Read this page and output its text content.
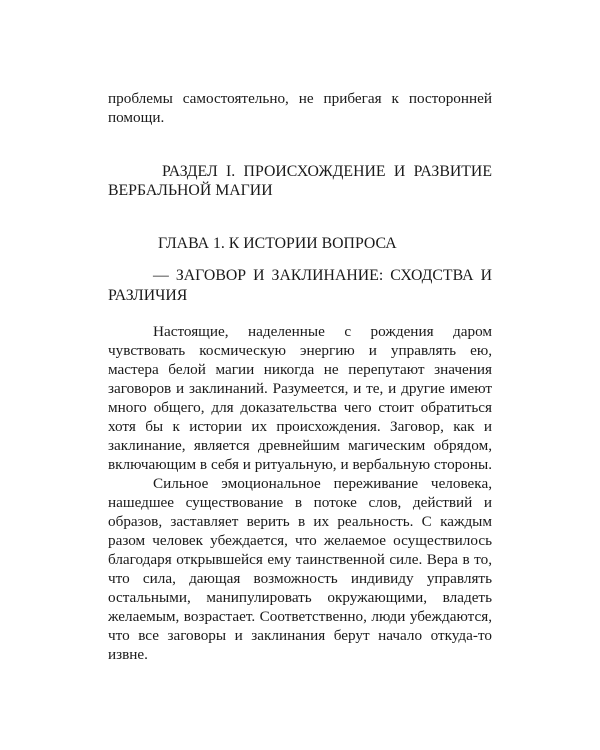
проблемы самостоятельно, не прибегая к посторонней
помощи.
РАЗДЕЛ I. ПРОИСХОЖДЕНИЕ И РАЗВИТИЕ
ВЕРБАЛЬНОЙ МАГИИ
ГЛАВА 1. К ИСТОРИИ ВОПРОСА
— ЗАГОВОР И ЗАКЛИНАНИЕ: СХОДСТВА И
РАЗЛИЧИЯ
Настоящие, наделенные с рождения даром
чувствовать космическую энергию и управлять ею,
мастера белой магии никогда не перепутают значения
заговоров и заклинаний. Разумеется, и те, и другие имеют
много общего, для доказательства чего стоит обратиться
хотя бы к истории их происхождения. Заговор, как и
заклинание, является древнейшим магическим обрядом,
включающим в себя и ритуальную, и вербальную стороны.
Сильное эмоциональное переживание человека,
нашедшее существование в потоке слов, действий и
образов, заставляет верить в их реальность. С каждым
разом человек убеждается, что желаемое осуществилось
благодаря открывшейся ему таинственной силе. Вера в то,
что сила, дающая возможность индивиду управлять
остальными, манипулировать окружающими, владеть
желаемым, возрастает. Соответственно, люди убеждаются,
что все заговоры и заклинания берут начало откуда-то
извне.
